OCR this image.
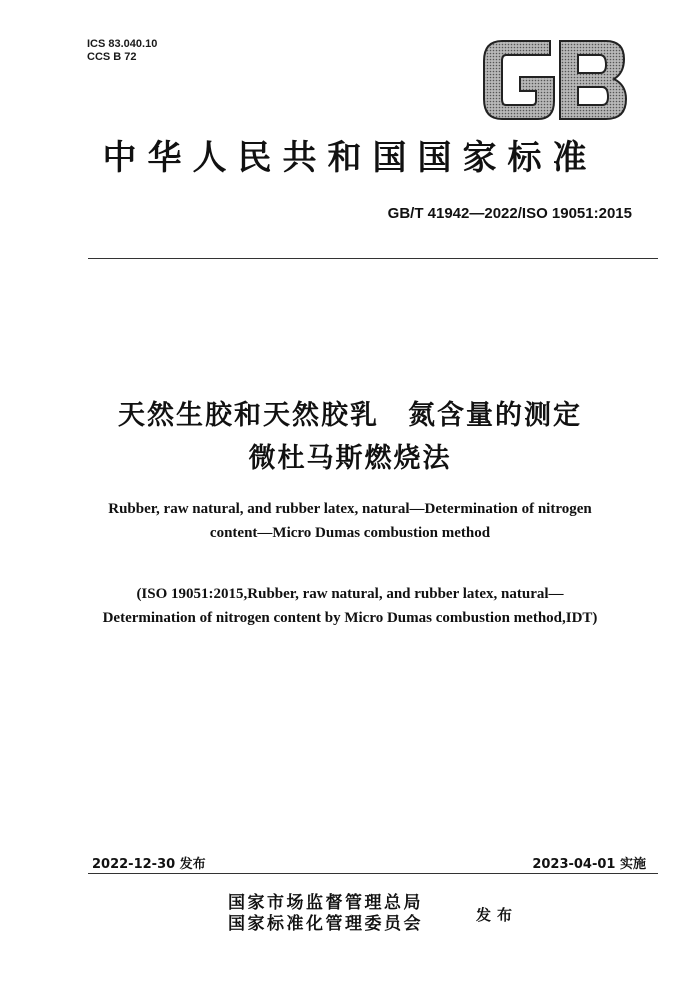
ICS 83.040.10
CCS B 72
GB
中华人民共和国国家标准
GB/T 41942—2022/ISO 19051:2015
天然生胶和天然胶乳　氮含量的测定
微杜马斯燃烧法
Rubber, raw natural, and rubber latex, natural—Determination of nitrogen
content—Micro Dumas combustion method
(ISO 19051:2015,Rubber, raw natural, and rubber latex, natural—
Determination of nitrogen content by Micro Dumas combustion method,IDT)
2022-12-30 发布	2023-04-01 实施
国家市场监督管理总局
国家标准化管理委员会	发布
